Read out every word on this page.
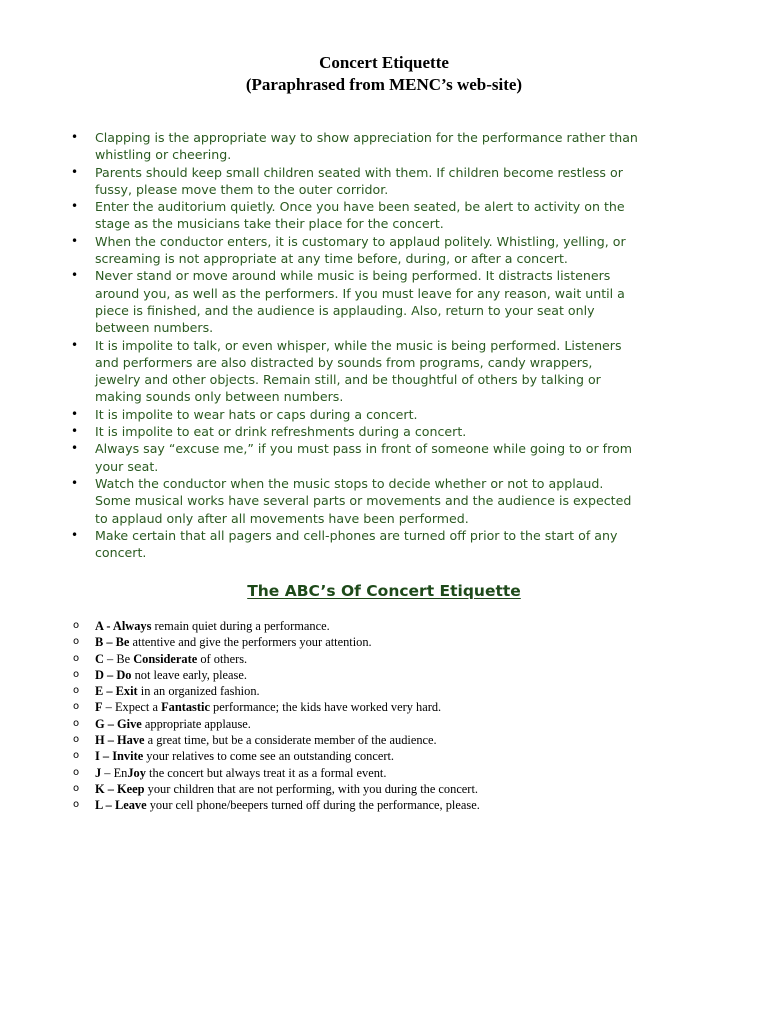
Concert Etiquette
(Paraphrased from MENC’s web-site)
• Clapping is the appropriate way to show appreciation for the performance rather than
whistling or cheering.
• Parents should keep small children seated with them. If children become restless or
fussy, please move them to the outer corridor.
• Enter the auditorium quietly. Once you have been seated, be alert to activity on the
stage as the musicians take their place for the concert.
• When the conductor enters, it is customary to applaud politely. Whistling, yelling, or
screaming is not appropriate at any time before, during, or after a concert.
• Never stand or move around while music is being performed. It distracts listeners
around you, as well as the performers. If you must leave for any reason, wait until a
piece is finished, and the audience is applauding. Also, return to your seat only
between numbers.
• It is impolite to talk, or even whisper, while the music is being performed. Listeners
and performers are also distracted by sounds from programs, candy wrappers,
jewelry and other objects. Remain still, and be thoughtful of others by talking or
making sounds only between numbers.
• It is impolite to wear hats or caps during a concert.
• It is impolite to eat or drink refreshments during a concert.
• Always say “excuse me,” if you must pass in front of someone while going to or from
your seat.
• Watch the conductor when the music stops to decide whether or not to applaud.
Some musical works have several parts or movements and the audience is expected
to applaud only after all movements have been performed.
• Make certain that all pagers and cell-phones are turned off prior to the start of any
concert.
The ABC’s Of Concert Etiquette
o A - Always remain quiet during a performance.
o B – Be attentive and give the performers your attention.
o C – Be Considerate of others.
o D – Do not leave early, please.
o E – Exit in an organized fashion.
o F – Expect a Fantastic performance; the kids have worked very hard.
o G – Give appropriate applause.
o H – Have a great time, but be a considerate member of the audience.
o I – Invite your relatives to come see an outstanding concert.
o J – EnJoy the concert but always treat it as a formal event.
o K – Keep your children that are not performing, with you during the concert.
o L – Leave your cell phone/beepers turned off during the performance, please.
